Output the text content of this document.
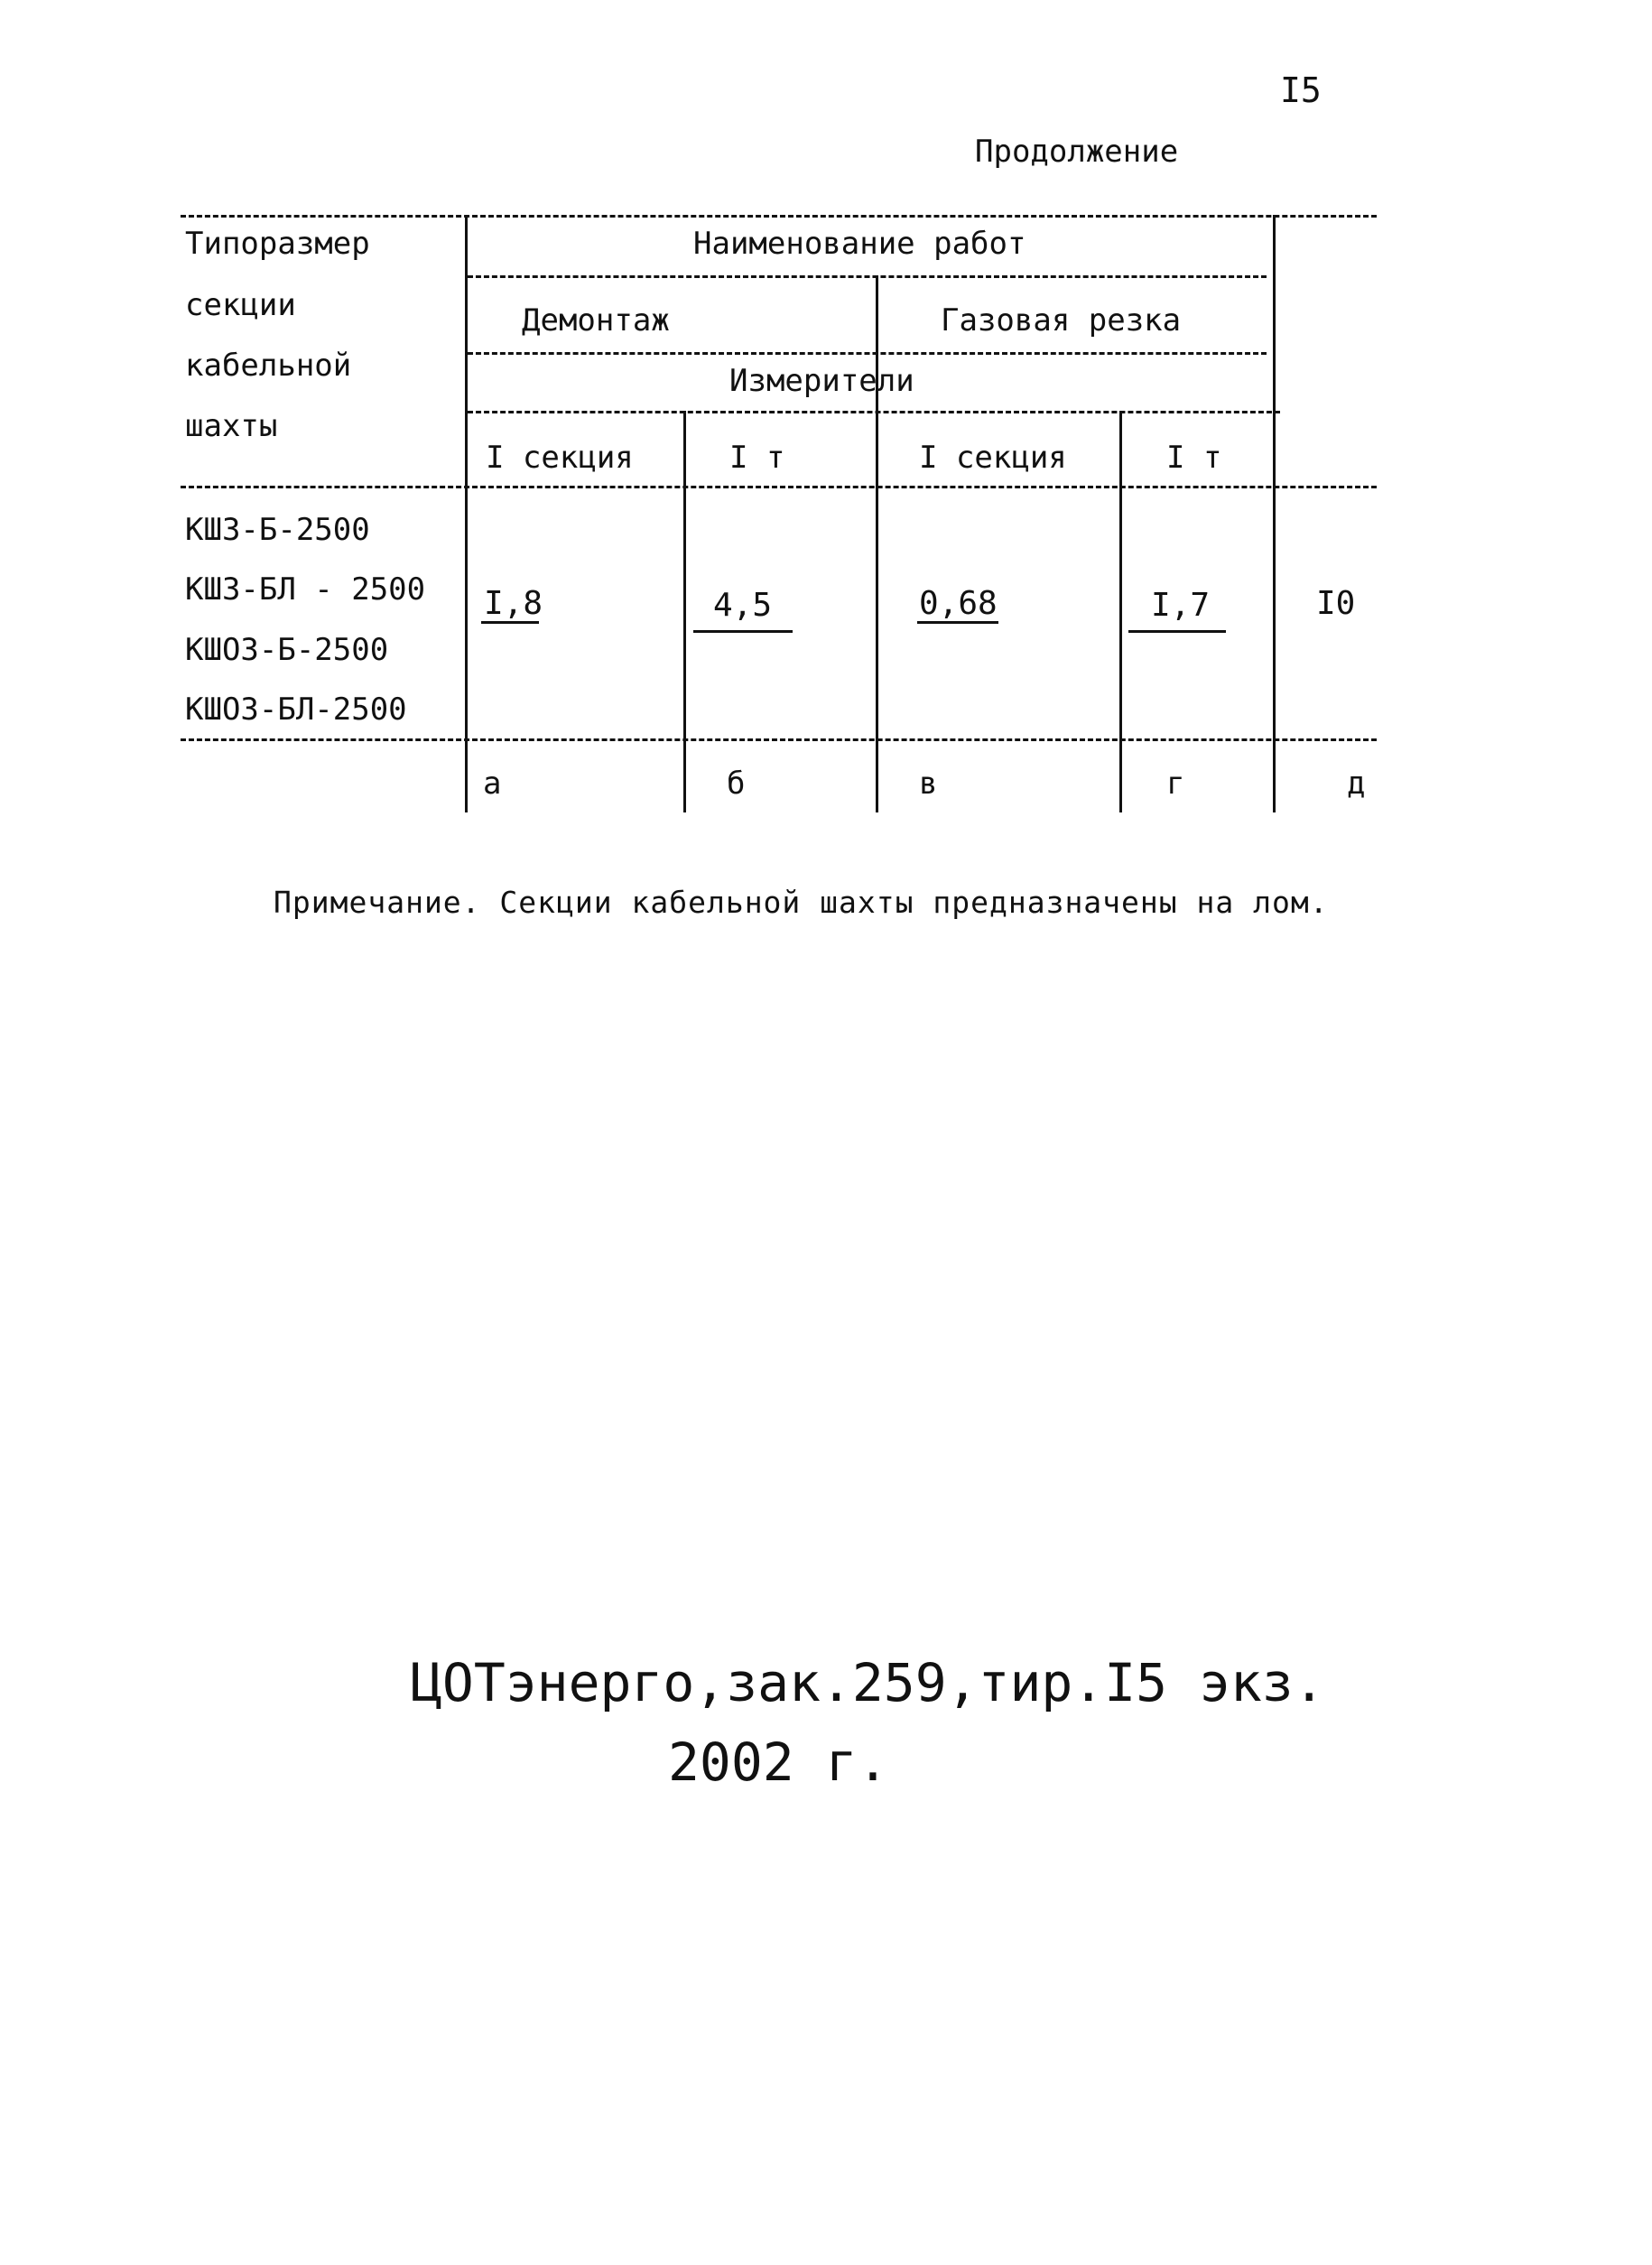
I5
Продолжение
Типоразмер
секции
кабельной
шахты
Наименование работ
Демонтаж	Газовая резка
Измерители
I секция	I т	I секция	I т
КШЗ-Б-2500
КШЗ-БЛ - 2500
КШОЗ-Б-2500
КШОЗ-БЛ-2500
I,8	4,5	0,68	I,7	I0
а	б	в	г	д
Примечание. Секции кабельной шахты предназначены на лом.
ЦОТэнерго,зак.259,тир.I5 экз.
2002 г.
